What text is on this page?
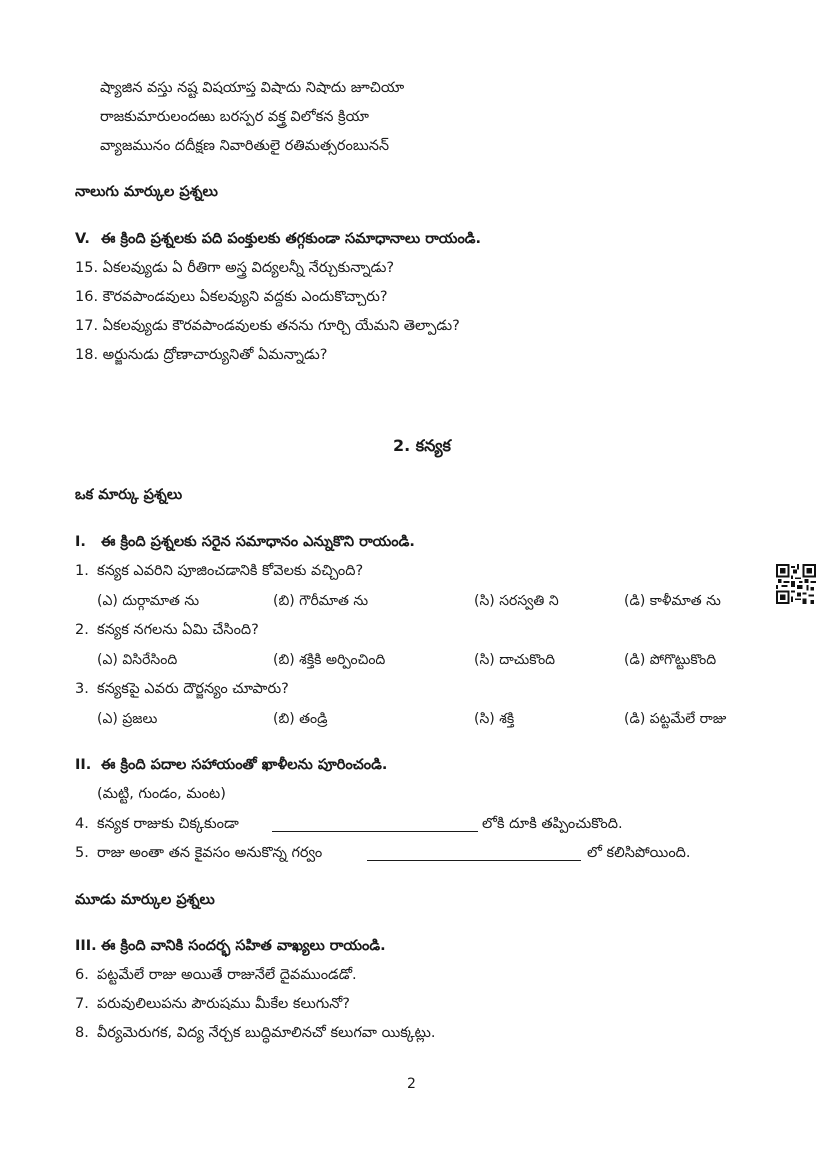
ష్యాజిన వస్తు నష్ట విషయాప్త విషాదు నిషాదు జూచియా
రాజకుమారులందఱు బరస్పర వక్త్ర విలోకన క్రియా
వ్యాజమునం దదీక్షణ నివారితులై రతిమత్సరంబునన్
నాలుగు మార్కుల ప్రశ్నలు
V. ఈ క్రింది ప్రశ్నలకు పది పంక్తులకు తగ్గకుండా సమాధానాలు రాయండి.
15. ఏకలవ్యుడు ఏ రీతిగా అస్త్ర విద్యలన్నీ నేర్చుకున్నాడు?
16. కౌరవపాండవులు ఏకలవ్యుని వద్దకు ఎందుకొచ్చారు?
17. ఏకలవ్యుడు కౌరవపాండవులకు తనను గూర్చి యేమని తెల్పాడు?
18. అర్జునుడు ద్రోణాచార్యునితో ఏమన్నాడు?
2. కన్యక
ఒక మార్కు ప్రశ్నలు
I. ఈ క్రింది ప్రశ్నలకు సరైన సమాధానం ఎన్నుకొని రాయండి.
1. కన్యక ఎవరిని పూజించడానికి కోవెలకు వచ్చింది?
(ఎ) దుర్గామాత ను	(బి) గౌరీమాత ను	(సి) సరస్వతి ని	(డి) కాళీమాత ను
2. కన్యక నగలను ఏమి చేసింది?
(ఎ) విసిరేసింది	(బి) శక్తికి అర్పించింది	(సి) దాచుకొంది	(డి) పోగొట్టుకొంది
3. కన్యకపై ఎవరు దౌర్జన్యం చూపారు?
(ఎ) ప్రజలు	(బి) తండ్రి	(సి) శక్తి	(డి) పట్టమేలే రాజు
II. ఈ క్రింది పదాల సహాయంతో ఖాళీలను పూరించండి.
(మట్టి, గుండం, మంట)
4. కన్యక రాజుకు చిక్కకుండా	లోకి దూకి తప్పించుకొంది.
5. రాజు అంతా తన కైవసం అనుకొన్న గర్వం	లో కలిసిపోయింది.
మూడు మార్కుల ప్రశ్నలు
III. ఈ క్రింది వానికి సందర్భ సహిత వాఖ్యలు రాయండి.
6. పట్టమేలే రాజు అయితే రాజునేలే దైవముండడో.
7. పరువులిలుపను పౌరుషము మీకేల కలుగునో?
8. వీర్యమెరుగక, విద్య నేర్చక బుద్ధిమాలినచో కలుగవా యిక్కట్లు.
2
